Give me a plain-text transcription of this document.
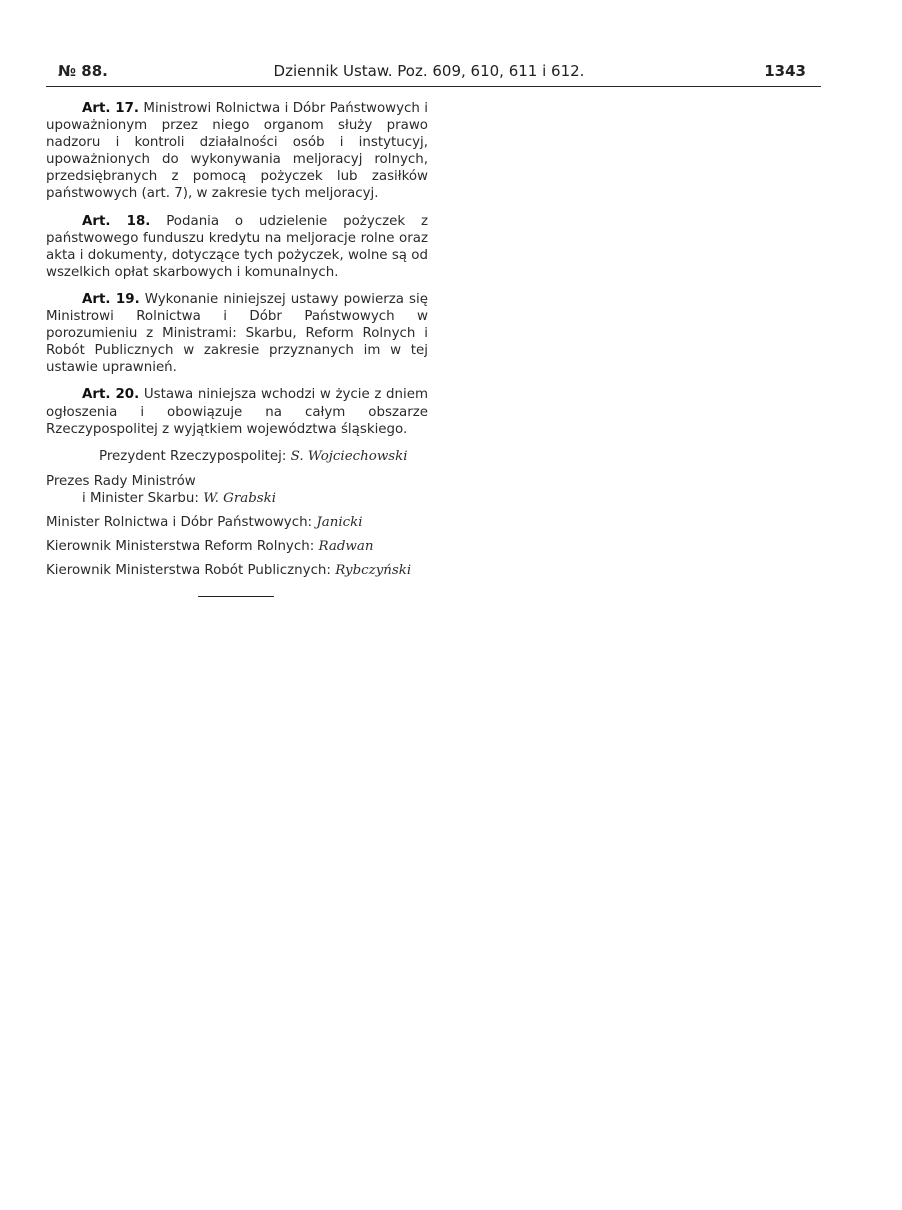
№ 88.	Dziennik Ustaw. Poz. 609, 610, 611 i 612.	1343

Art. 17. Ministrowi Rolnictwa i Dóbr Państwowych i upoważnionym przez niego organom służy prawo nadzoru i kontroli działalności osób i instytucyj, upoważnionych do wykonywania meljoracyj rolnych, przedsiębranych z pomocą pożyczek lub zasiłków państwowych (art. 7), w zakresie tych meljoracyj.

Art. 18. Podania o udzielenie pożyczek z państwowego funduszu kredytu na meljoracje rolne oraz akta i dokumenty, dotyczące tych pożyczek, wolne są od wszelkich opłat skarbowych i komunalnych.

Art. 19. Wykonanie niniejszej ustawy powierza się Ministrowi Rolnictwa i Dóbr Państwowych w porozumieniu z Ministrami: Skarbu, Reform Rolnych i Robót Publicznych w zakresie przyznanych im w tej ustawie uprawnień.

Art. 20. Ustawa niniejsza wchodzi w życie z dniem ogłoszenia i obowiązuje na całym obszarze Rzeczypospolitej z wyjątkiem województwa śląskiego.

Prezydent Rzeczypospolitej: S. Wojciechowski
Prezes Rady Ministrów
i Minister Skarbu: W. Grabski
Minister Rolnictwa i Dóbr Państwowych: Janicki
Kierownik Ministerstwa Reform Rolnych: Radwan
Kierownik Ministerstwa Robót Publicznych: Rybczyński
